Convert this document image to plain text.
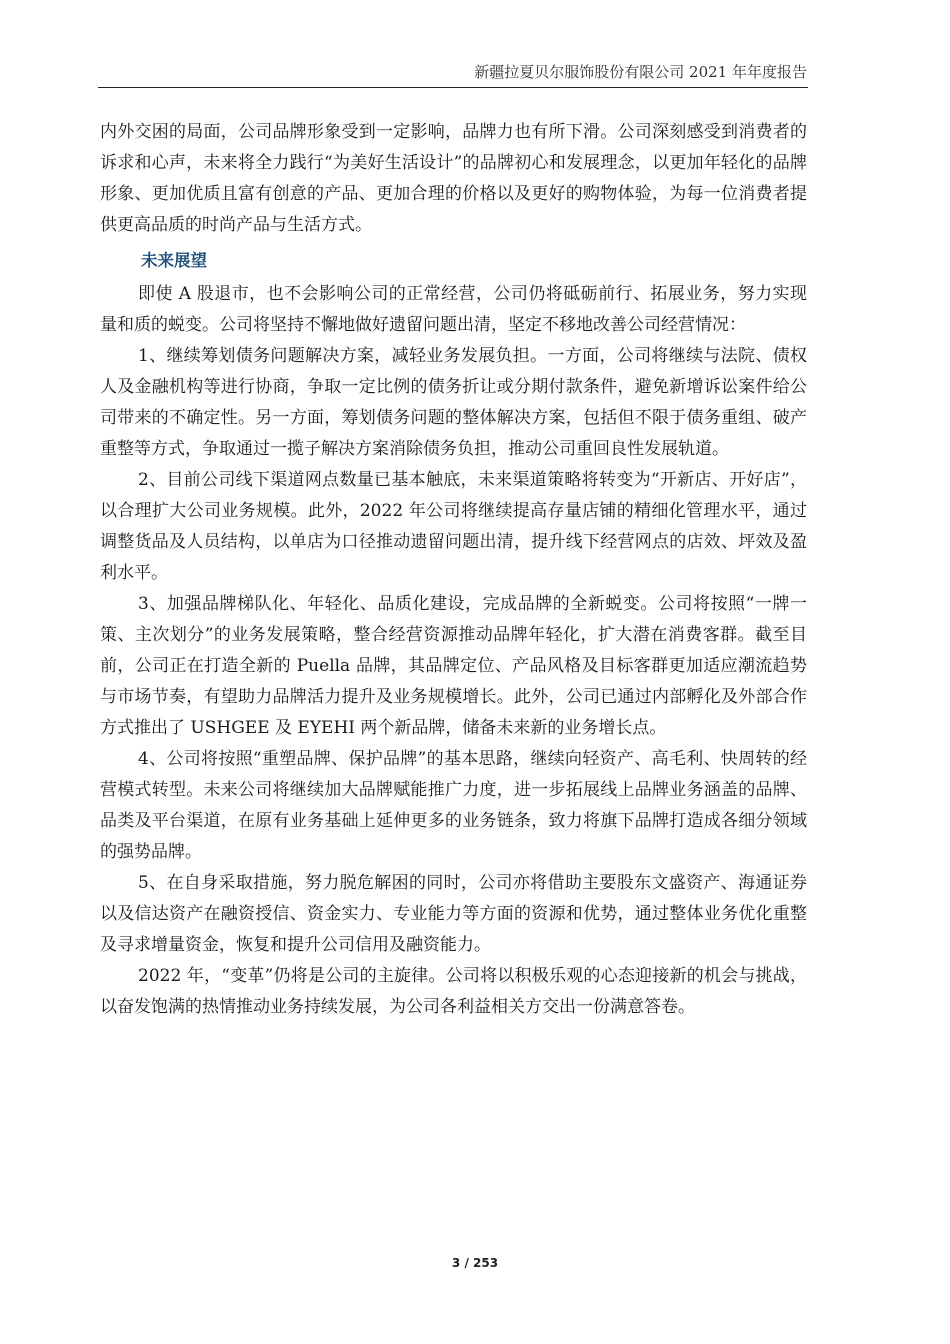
新疆拉夏贝尔服饰股份有限公司 2021 年年度报告

内外交困的局面，公司品牌形象受到一定影响，品牌力也有所下滑。公司深刻感受到消费者的诉求和心声，未来将全力践行“为美好生活设计”的品牌初心和发展理念，以更加年轻化的品牌形象、更加优质且富有创意的产品、更加合理的价格以及更好的购物体验，为每一位消费者提供更高品质的时尚产品与生活方式。

未来展望

即使 A 股退市，也不会影响公司的正常经营，公司仍将砥砺前行、拓展业务，努力实现量和质的蜕变。公司将坚持不懈地做好遗留问题出清，坚定不移地改善公司经营情况：

1、继续筹划债务问题解决方案，减轻业务发展负担。一方面，公司将继续与法院、债权人及金融机构等进行协商，争取一定比例的债务折让或分期付款条件，避免新增诉讼案件给公司带来的不确定性。另一方面，筹划债务问题的整体解决方案，包括但不限于债务重组、破产重整等方式，争取通过一揽子解决方案消除债务负担，推动公司重回良性发展轨道。

2、目前公司线下渠道网点数量已基本触底，未来渠道策略将转变为“开新店、开好店”，以合理扩大公司业务规模。此外，2022 年公司将继续提高存量店铺的精细化管理水平，通过调整货品及人员结构，以单店为口径推动遗留问题出清，提升线下经营网点的店效、坪效及盈利水平。

3、加强品牌梯队化、年轻化、品质化建设，完成品牌的全新蜕变。公司将按照“一牌一策、主次划分”的业务发展策略，整合经营资源推动品牌年轻化，扩大潜在消费客群。截至目前，公司正在打造全新的 Puella 品牌，其品牌定位、产品风格及目标客群更加适应潮流趋势与市场节奏，有望助力品牌活力提升及业务规模增长。此外，公司已通过内部孵化及外部合作方式推出了 USHGEE 及 EYEHI 两个新品牌，储备未来新的业务增长点。

4、公司将按照“重塑品牌、保护品牌”的基本思路，继续向轻资产、高毛利、快周转的经营模式转型。未来公司将继续加大品牌赋能推广力度，进一步拓展线上品牌业务涵盖的品牌、品类及平台渠道，在原有业务基础上延伸更多的业务链条，致力将旗下品牌打造成各细分领域的强势品牌。

5、在自身采取措施，努力脱危解困的同时，公司亦将借助主要股东文盛资产、海通证券以及信达资产在融资授信、资金实力、专业能力等方面的资源和优势，通过整体业务优化重整及寻求增量资金，恢复和提升公司信用及融资能力。

2022 年，“变革”仍将是公司的主旋律。公司将以积极乐观的心态迎接新的机会与挑战，以奋发饱满的热情推动业务持续发展，为公司各利益相关方交出一份满意答卷。

3 / 253
